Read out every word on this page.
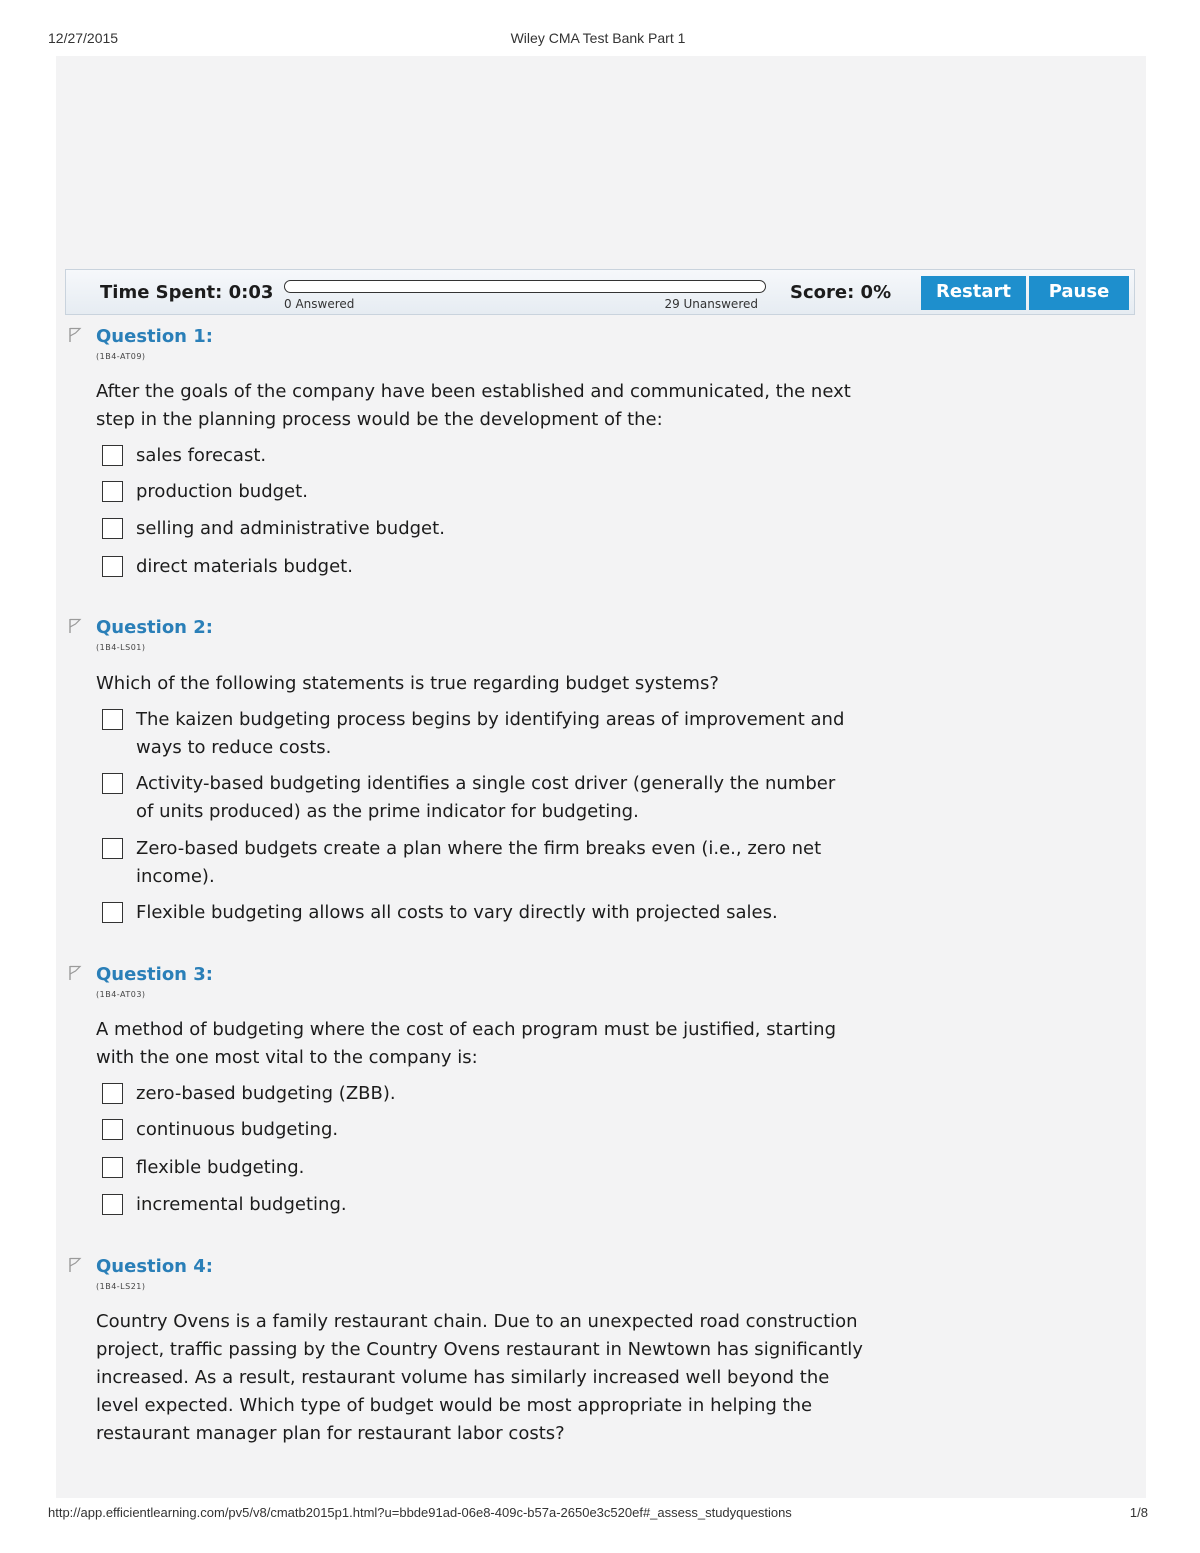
12/27/2015	Wiley CMA Test Bank Part 1
Time Spent: 0:03
0 Answered	29 Unanswered
Score: 0%	Restart	Pause
Question 1:
(1B4-AT09)
After the goals of the company have been established and communicated, the next step in the planning process would be the development of the:
sales forecast.
production budget.
selling and administrative budget.
direct materials budget.
Question 2:
(1B4-LS01)
Which of the following statements is true regarding budget systems?
The kaizen budgeting process begins by identifying areas of improvement and ways to reduce costs.
Activity-based budgeting identifies a single cost driver (generally the number of units produced) as the prime indicator for budgeting.
Zero-based budgets create a plan where the firm breaks even (i.e., zero net income).
Flexible budgeting allows all costs to vary directly with projected sales.
Question 3:
(1B4-AT03)
A method of budgeting where the cost of each program must be justified, starting with the one most vital to the company is:
zero-based budgeting (ZBB).
continuous budgeting.
flexible budgeting.
incremental budgeting.
Question 4:
(1B4-LS21)
Country Ovens is a family restaurant chain. Due to an unexpected road construction project, traffic passing by the Country Ovens restaurant in Newtown has significantly increased. As a result, restaurant volume has similarly increased well beyond the level expected. Which type of budget would be most appropriate in helping the restaurant manager plan for restaurant labor costs?
http://app.efficientlearning.com/pv5/v8/cmatb2015p1.html?u=bbde91ad-06e8-409c-b57a-2650e3c520ef#_assess_studyquestions	1/8
